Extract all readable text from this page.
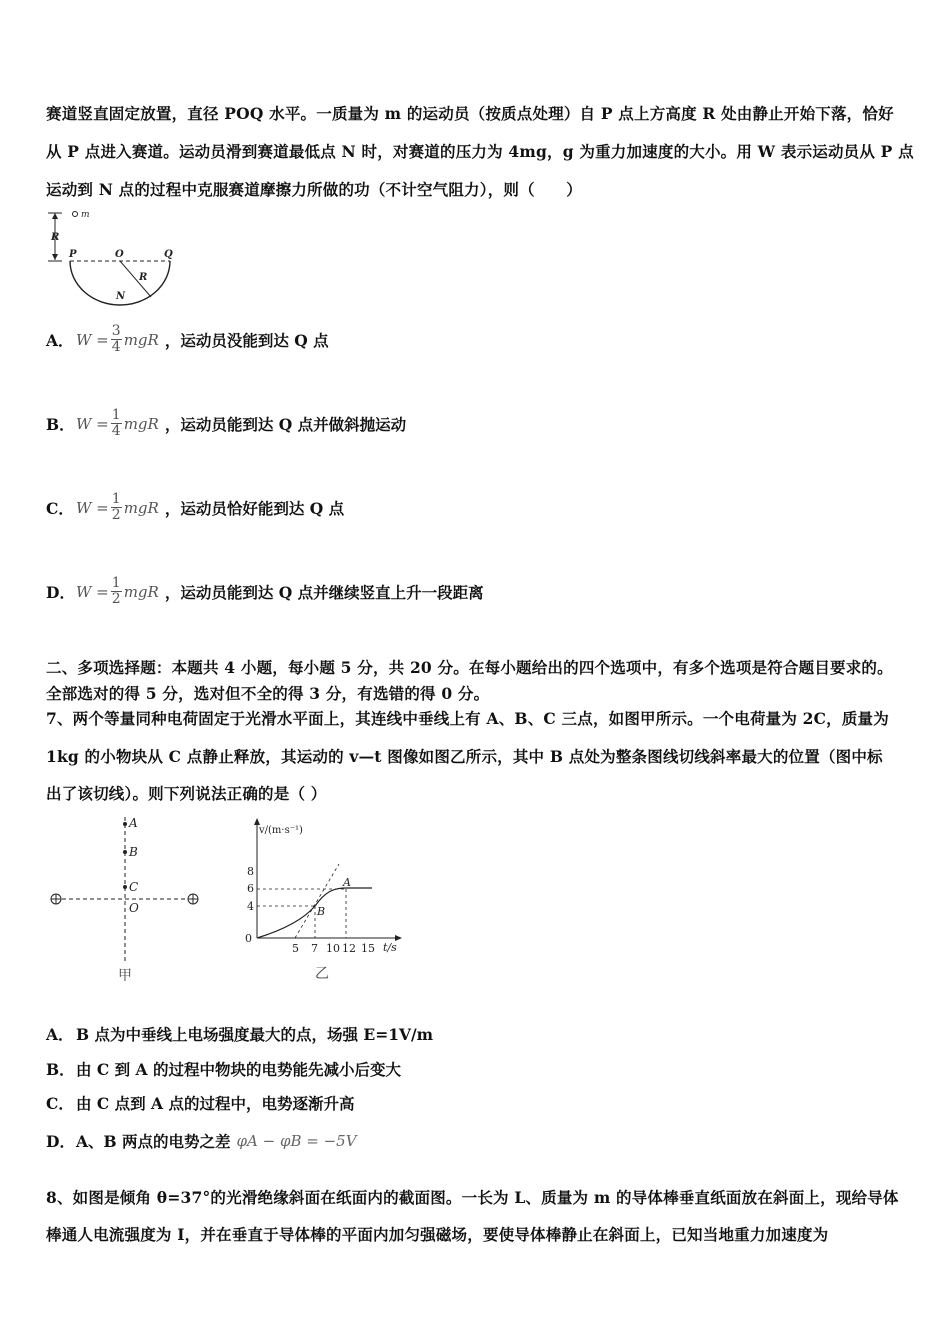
赛道竖直固定放置，直径 POQ 水平。一质量为 m 的运动员（按质点处理）自 P 点上方高度 R 处由静止开始下落，恰好
从 P 点进入赛道。运动员滑到赛道最低点 N 时，对赛道的压力为 4mg，g 为重力加速度的大小。用 W 表示运动员从 P 点
运动到 N 点的过程中克服赛道摩擦力所做的功（不计空气阻力），则（　　）
m
R
P	O	Q
R
N
A． $W = \frac{3}{4}$ mgR ，运动员没能到达 Q 点
B． $W = \frac{1}{4}$ mgR ，运动员能到达 Q 点并做斜抛运动
C． $W = \frac{1}{2}$ mgR ，运动员恰好能到达 Q 点
D． $W = \frac{1}{2}$ mgR ，运动员能到达 Q 点并继续竖直上升一段距离
二、多项选择题：本题共 4 小题，每小题 5 分，共 20 分。在每小题给出的四个选项中，有多个选项是符合题目要求的。
全部选对的得 5 分，选对但不全的得 3 分，有选错的得 0 分。
7、两个等量同种电荷固定于光滑水平面上，其连线中垂线上有 A、B、C 三点，如图甲所示。一个电荷量为 2C，质量为
1kg 的小物块从 C 点静止释放，其运动的 v—t 图像如图乙所示，其中 B 点处为整条图线切线斜率最大的位置（图中标
出了该切线）。则下列说法正确的是（ ）
A
B
C
O
甲
v/(m·s⁻¹)
t/s
0
8
6
4
5 7 10 12 15
A
B
乙
A． B 点为中垂线上电场强度最大的点，场强 E=1V/m
B． 由 C 到 A 的过程中物块的电势能先减小后变大
C． 由 C 点到 A 点的过程中，电势逐渐升高
D． A、B 两点的电势之差 φA − φB = −5V
8、如图是倾角 θ=37°的光滑绝缘斜面在纸面内的截面图。一长为 L、质量为 m 的导体棒垂直纸面放在斜面上，现给导体
棒通人电流强度为 I，并在垂直于导体棒的平面内加匀强磁场，要使导体棒静止在斜面上，已知当地重力加速度为
